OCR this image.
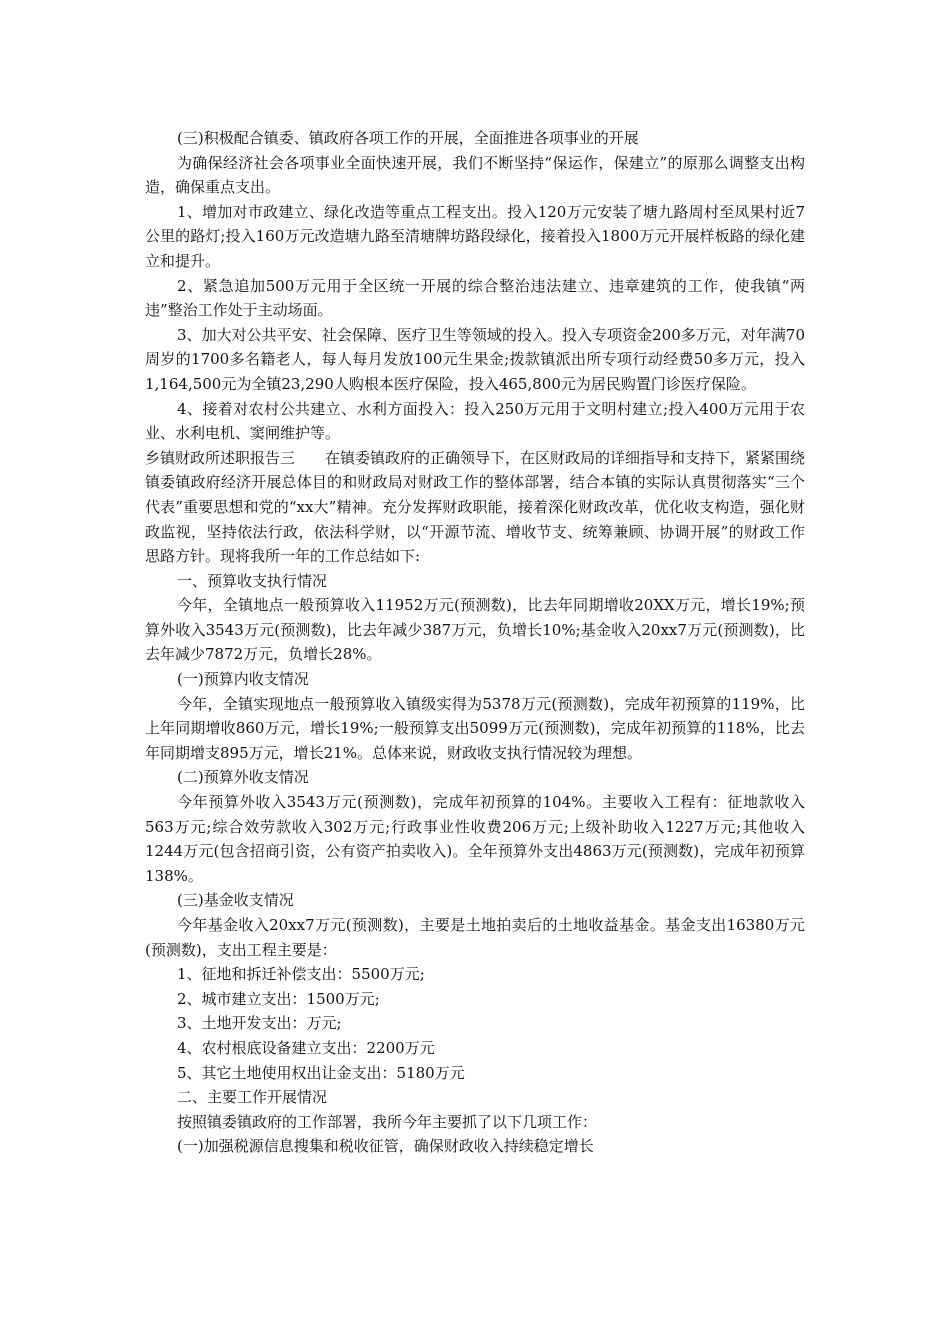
(三)积极配合镇委、镇政府各项工作的开展，全面推进各项事业的开展

为确保经济社会各项事业全面快速开展，我们不断坚持“保运作，保建立”的原那么调整支出构造，确保重点支出。

1、增加对市政建立、绿化改造等重点工程支出。投入120万元安装了塘九路周村至凤果村近7公里的路灯;投入160万元改造塘九路至清塘牌坊路段绿化，接着投入1800万元开展样板路的绿化建立和提升。

2、紧急追加500万元用于全区统一开展的综合整治违法建立、违章建筑的工作，使我镇“两违”整治工作处于主动场面。

3、加大对公共平安、社会保障、医疗卫生等领域的投入。投入专项资金200多万元，对年满70周岁的1700多名籍老人，每人每月发放100元生果金;拨款镇派出所专项行动经费50多万元，投入1,164,500元为全镇23,290人购根本医疗保险，投入465,800元为居民购置门诊医疗保险。

4、接着对农村公共建立、水利方面投入：投入250万元用于文明村建立;投入400万元用于农业、水利电机、窦闸维护等。

乡镇财政所述职报告三　　在镇委镇政府的正确领导下，在区财政局的详细指导和支持下，紧紧围绕镇委镇政府经济开展总体目的和财政局对财政工作的整体部署，结合本镇的实际认真贯彻落实“三个代表”重要思想和党的“xx大”精神。充分发挥财政职能，接着深化财政改革，优化收支构造，强化财政监视，坚持依法行政，依法科学财，以“开源节流、增收节支、统筹兼顾、协调开展”的财政工作思路方针。现将我所一年的工作总结如下:

一、预算收支执行情况

今年，全镇地点一般预算收入11952万元(预测数)，比去年同期增收20XX万元，增长19%;预算外收入3543万元(预测数)，比去年减少387万元，负增长10%;基金收入20xx7万元(预测数)，比去年减少7872万元，负增长28%。

(一)预算内收支情况

今年，全镇实现地点一般预算收入镇级实得为5378万元(预测数)，完成年初预算的119%，比上年同期增收860万元，增长19%;一般预算支出5099万元(预测数)，完成年初预算的118%，比去年同期增支895万元，增长21%。总体来说，财政收支执行情况较为理想。

(二)预算外收支情况

今年预算外收入3543万元(预测数)，完成年初预算的104%。主要收入工程有：征地款收入563万元;综合效劳款收入302万元;行政事业性收费206万元;上级补助收入1227万元;其他收入1244万元(包含招商引资，公有资产拍卖收入)。全年预算外支出4863万元(预测数)，完成年初预算138%。

(三)基金收支情况

今年基金收入20xx7万元(预测数)，主要是土地拍卖后的土地收益基金。基金支出16380万元(预测数)，支出工程主要是：

1、征地和拆迁补偿支出：5500万元;

2、城市建立支出：1500万元;

3、土地开发支出：万元;

4、农村根底设备建立支出：2200万元

5、其它土地使用权出让金支出：5180万元

二、主要工作开展情况

按照镇委镇政府的工作部署，我所今年主要抓了以下几项工作：

(一)加强税源信息搜集和税收征管，确保财政收入持续稳定增长
